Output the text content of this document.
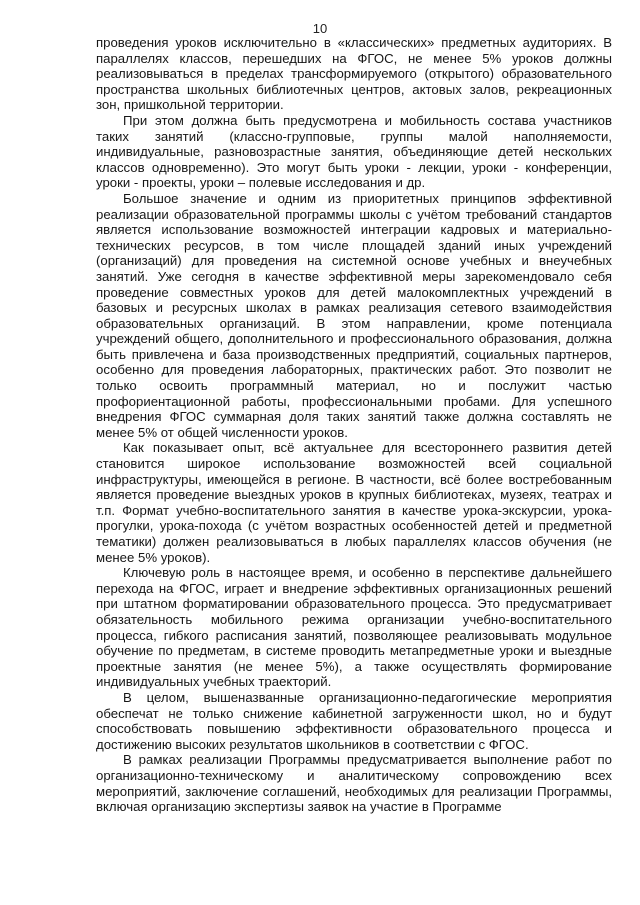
10

проведения уроков исключительно в «классических» предметных аудиториях. В параллелях классов, перешедших на ФГОС, не менее 5% уроков должны реализовываться в пределах трансформируемого (открытого) образовательного пространства школьных библиотечных центров, актовых залов, рекреационных зон, пришкольной территории.

При этом должна быть предусмотрена и мобильность состава участников таких занятий (классно-групповые, группы малой наполняемости, индивидуальные, разновозрастные занятия, объединяющие детей нескольких классов одновременно). Это могут быть уроки - лекции, уроки - конференции, уроки - проекты, уроки – полевые исследования и др.

Большое значение и одним из приоритетных принципов эффективной реализации образовательной программы школы с учётом требований стандартов является использование возможностей интеграции кадровых и материально-технических ресурсов, в том числе площадей зданий иных учреждений (организаций) для проведения на системной основе учебных и внеучебных занятий. Уже сегодня в качестве эффективной меры зарекомендовало себя проведение совместных уроков для детей малокомплектных учреждений в базовых и ресурсных школах в рамках реализация сетевого взаимодействия образовательных организаций. В этом направлении, кроме потенциала учреждений общего, дополнительного и профессионального образования, должна быть привлечена и база производственных предприятий, социальных партнеров, особенно для проведения лабораторных, практических работ. Это позволит не только освоить программный материал, но и послужит частью профориентационной работы, профессиональными пробами. Для успешного внедрения ФГОС суммарная доля таких занятий также должна составлять не менее 5% от общей численности уроков.

Как показывает опыт, всё актуальнее для всестороннего развития детей становится широкое использование возможностей всей социальной инфраструктуры, имеющейся в регионе. В частности, всё более востребованным является проведение выездных уроков в крупных библиотеках, музеях, театрах и т.п. Формат учебно-воспитательного занятия в качестве урока-экскурсии, урока-прогулки, урока-похода (с учётом возрастных особенностей детей и предметной тематики) должен реализовываться в любых параллелях классов обучения (не менее 5% уроков).

Ключевую роль в настоящее время, и особенно в перспективе дальнейшего перехода на ФГОС, играет и внедрение эффективных организационных решений при штатном форматировании образовательного процесса. Это предусматривает обязательность мобильного режима организации учебно-воспитательного процесса, гибкого расписания занятий, позволяющее реализовывать модульное обучение по предметам, в системе проводить метапредметные уроки и выездные проектные занятия (не менее 5%), а также осуществлять формирование индивидуальных учебных траекторий.

В целом, вышеназванные организационно-педагогические мероприятия обеспечат не только снижение кабинетной загруженности школ, но и будут способствовать повышению эффективности образовательного процесса и достижению высоких результатов школьников в соответствии с ФГОС.

В рамках реализации Программы предусматривается выполнение работ по организационно-техническому и аналитическому сопровождению всех мероприятий, заключение соглашений, необходимых для реализации Программы, включая организацию экспертизы заявок на участие в Программе
